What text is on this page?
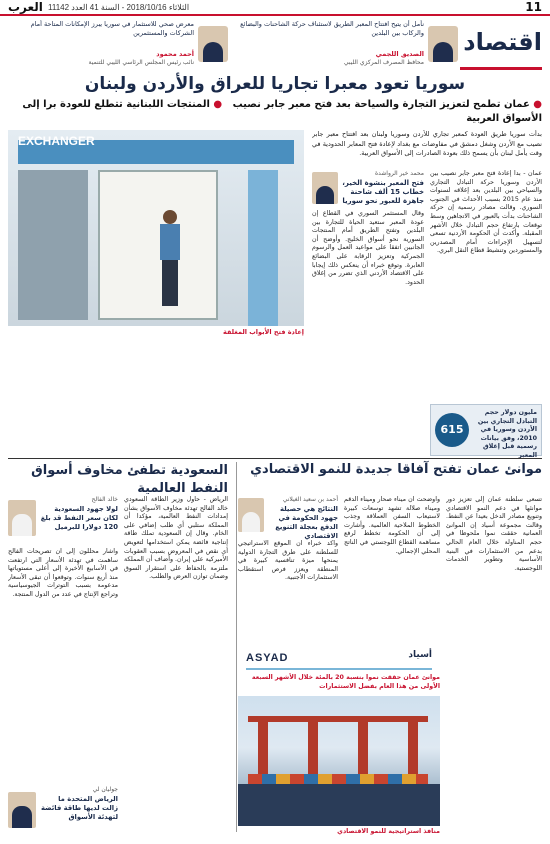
11
الثلاثاء 2018/10/16 - السنة 41 العدد 11142
العرب
اقتصاد
نأمل أن يتيح افتتاح المعبر الطريق لاستئناف حركة الشاحنات والبضائع والركاب بين البلدين
الصديق اللجمي
محافظ المصرف المركزي الليبي
معرض صحي للاستثمار في سوريا يبرز الإمكانات المتاحة أمام الشركات والمستثمرين
أحمد محمود
نائب رئيس المجلس الرئاسي الليبي للتنمية
سوريا تعود معبرا تجاريا للعراق والأردن ولبنان
● عمان تطمح لتعزيز التجارة والسياحة بعد فتح معبر جابر نصيب   ● المنتجات اللبنانية تتطلع للعودة برا إلى الأسواق العربية
EXCHANGER
إعادة فتح الأبواب المغلقة

بدأت سوريا طريق العودة كمعبر تجاري للأردن وسوريا ولبنان بعد افتتاح معبر جابر نصيب مع الأردن وشغل دمشق في مفاوضات مع بغداد لإعادة فتح المعابر الحدودية في وقت يأمل لبنان بأن يسمح ذلك بعودة الصادرات إلى الأسواق العربية.

محمد خير الرواشدة
فتح المعبر بنشوة الخير، خطاب 15 ألف شاحنة جاهزة للعبور نحو سوريا

عمان - بدأ إعادة فتح معبر جابر نصيب بين الأردن وسوريا حركة التبادل التجاري والسياحي بين البلدين بعد إغلاقه لسنوات منذ عام 2015 بسبب الأحداث في الجنوب السوري. وقالت مصادر رسمية إن حركة الشاحنات بدأت بالعبور في الاتجاهين وسط توقعات بارتفاع حجم التبادل خلال الأشهر المقبلة. وأكدت أن الحكومة الأردنية تسعى لتسهيل الإجراءات أمام المصدرين والمستوردين وتنشيط قطاع النقل البري.

وقال المستثمر السوري في القطاع إن عودة المعبر ستعيد الحياة للتجارة بين البلدين وتفتح الطريق أمام المنتجات السورية نحو أسواق الخليج. وأوضح أن الجانبين اتفقا على مواعيد العمل والرسوم الجمركية وتعزيز الرقابة على البضائع العابرة. وتوقع خبراء أن ينعكس ذلك إيجابا على الاقتصاد الأردني الذي تضرر من إغلاق الحدود.

615
مليون دولار حجم التبادل التجاري بين الأردن وسوريا في 2010، وفق بيانات رسمية قبل إغلاق المعبر
موانئ عمان تفتح آفاقا جديدة للنمو الاقتصادي
السعودية تطفئ مخاوف أسواق النفط العالمية

تسعى سلطنة عمان إلى تعزيز دور موانئها في دعم النمو الاقتصادي وتنويع مصادر الدخل بعيدا عن النفط. وقالت مجموعة أسياد إن الموانئ العمانية حققت نموا ملحوظا في حجم المناولة خلال العام الحالي بدعم من الاستثمارات في البنية الأساسية وتطوير الخدمات اللوجستية.

وأوضحت أن ميناء صحار وميناء الدقم وميناء صلالة تشهد توسعات كبيرة لاستيعاب السفن العملاقة وجذب الخطوط الملاحية العالمية. وأشارت إلى أن الحكومة تخطط لرفع مساهمة القطاع اللوجستي في الناتج المحلي الإجمالي.

أحمد بن سعيد الغيلاني
النتائج هي حصيلة جهود الحكومة في الدفع بعجلة التنويع الاقتصادي

وأكد خبراء أن الموقع الاستراتيجي للسلطنة على طرق التجارة الدولية يمنحها ميزة تنافسية كبيرة في المنطقة ويعزز فرص استقطاب الاستثمارات الأجنبية.

أسياد
ASYAD
موانئ عمان حققت نموا بنسبة 20 بالمئة خلال الأشهر السبعة الأولى من هذا العام بفضل الاستثمارات
منافذ استراتيجية للنمو الاقتصادي

الرياض - حاول وزير الطاقة السعودي خالد الفالح تهدئة مخاوف الأسواق بشأن إمدادات النفط العالمية، مؤكدا أن المملكة ستلبي أي طلب إضافي على الخام. وقال إن السعودية تملك طاقة إنتاجية فائضة يمكن استخدامها لتعويض أي نقص في المعروض بسبب العقوبات الأميركية على إيران. وأضاف أن المملكة ملتزمة بالحفاظ على استقرار السوق وضمان توازن العرض والطلب.

خالد الفالح
لولا جهود السعودية لكان سعر النفط قد بلغ 120 دولارا للبرميل

وأشار محللون إلى أن تصريحات الفالح ساهمت في تهدئة الأسعار التي ارتفعت في الأسابيع الأخيرة إلى أعلى مستوياتها منذ أربع سنوات. وتوقعوا أن تبقى الأسعار مدعومة بسبب التوترات الجيوسياسية وتراجع الإنتاج في عدد من الدول المنتجة.

جوليان لي
الرياض المتحدة ما زالت لديها طاقة فائضة لتهدئة الأسواق
